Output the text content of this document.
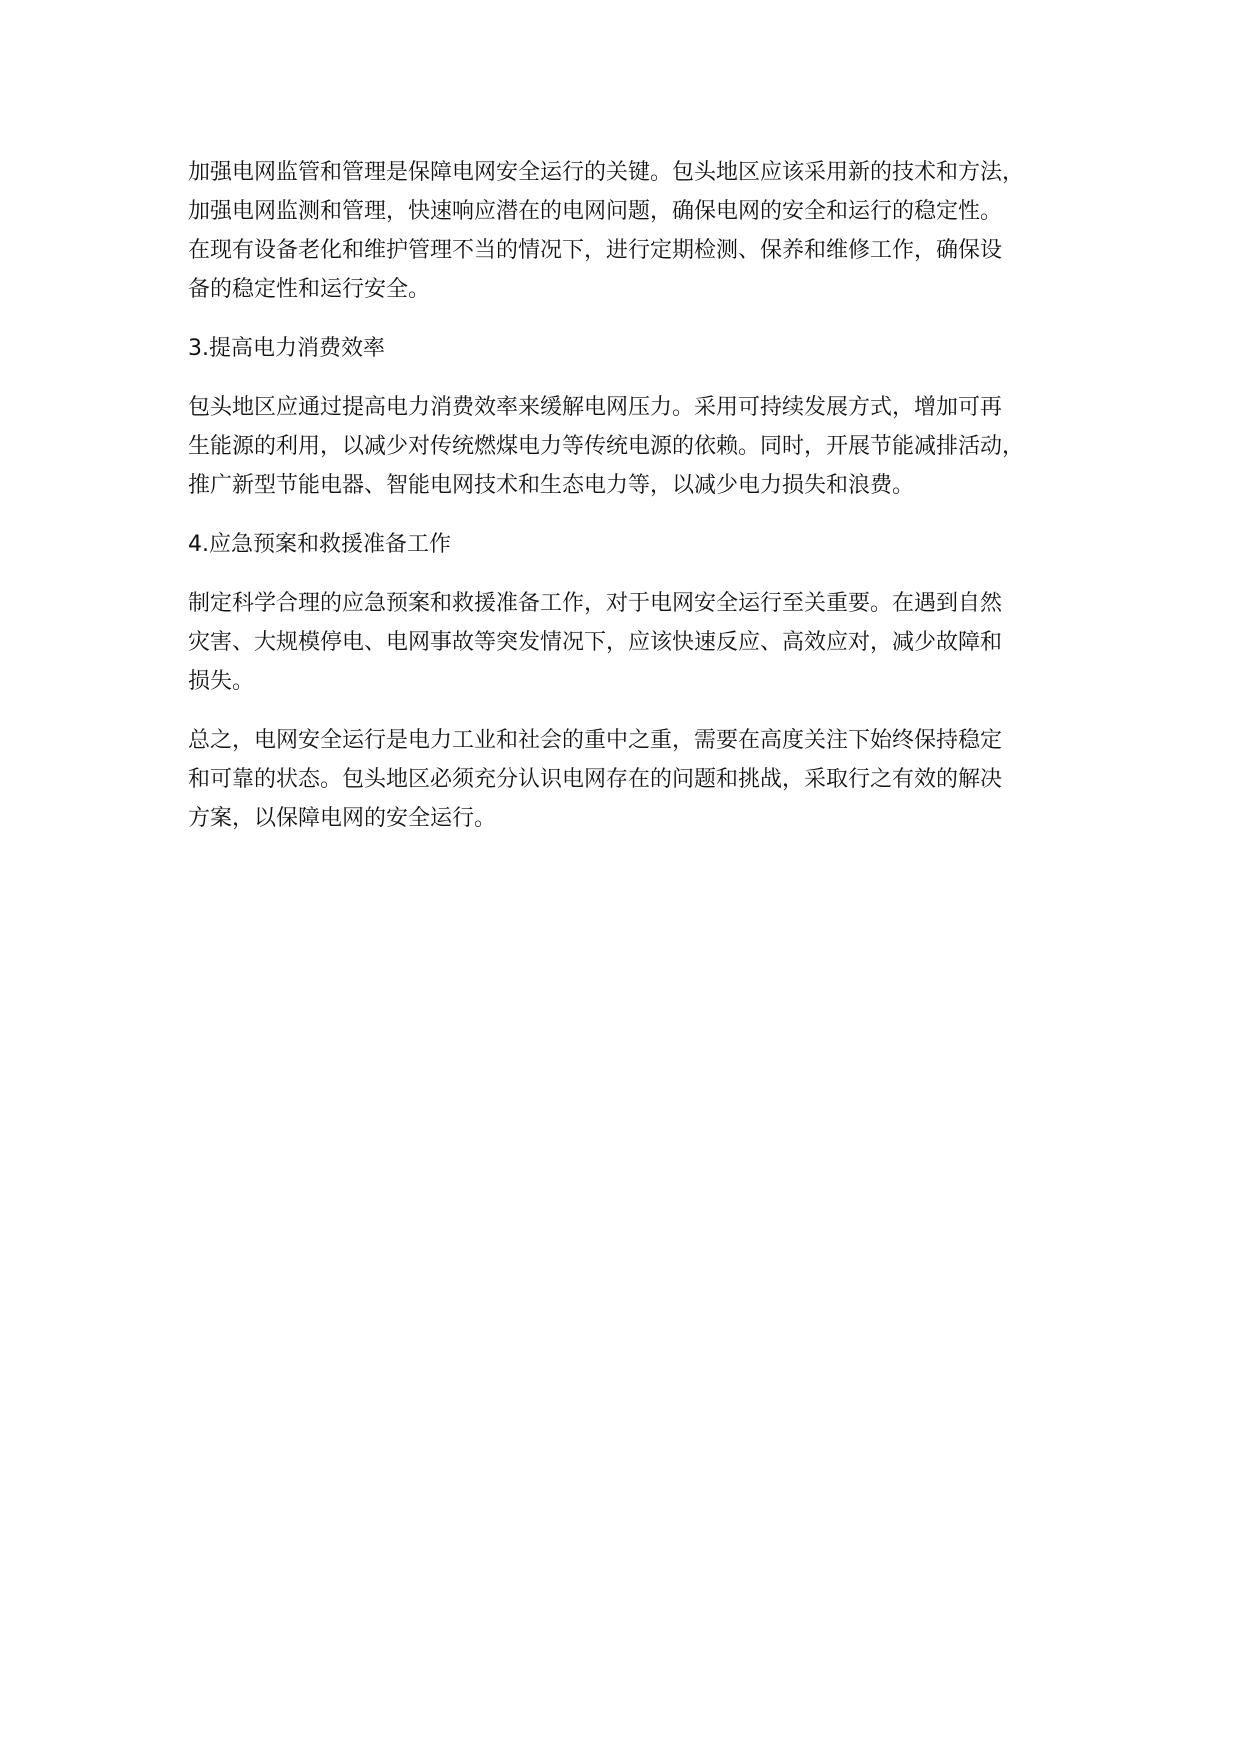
加强电网监管和管理是保障电网安全运行的关键。包头地区应该采用新的技术和方法，
加强电网监测和管理，快速响应潜在的电网问题，确保电网的安全和运行的稳定性。
在现有设备老化和维护管理不当的情况下，进行定期检测、保养和维修工作，确保设
备的稳定性和运行安全。
3.提高电力消费效率
包头地区应通过提高电力消费效率来缓解电网压力。采用可持续发展方式，增加可再
生能源的利用，以减少对传统燃煤电力等传统电源的依赖。同时，开展节能减排活动，
推广新型节能电器、智能电网技术和生态电力等，以减少电力损失和浪费。
4.应急预案和救援准备工作
制定科学合理的应急预案和救援准备工作，对于电网安全运行至关重要。在遇到自然
灾害、大规模停电、电网事故等突发情况下，应该快速反应、高效应对，减少故障和
损失。
总之，电网安全运行是电力工业和社会的重中之重，需要在高度关注下始终保持稳定
和可靠的状态。包头地区必须充分认识电网存在的问题和挑战，采取行之有效的解决
方案，以保障电网的安全运行。
